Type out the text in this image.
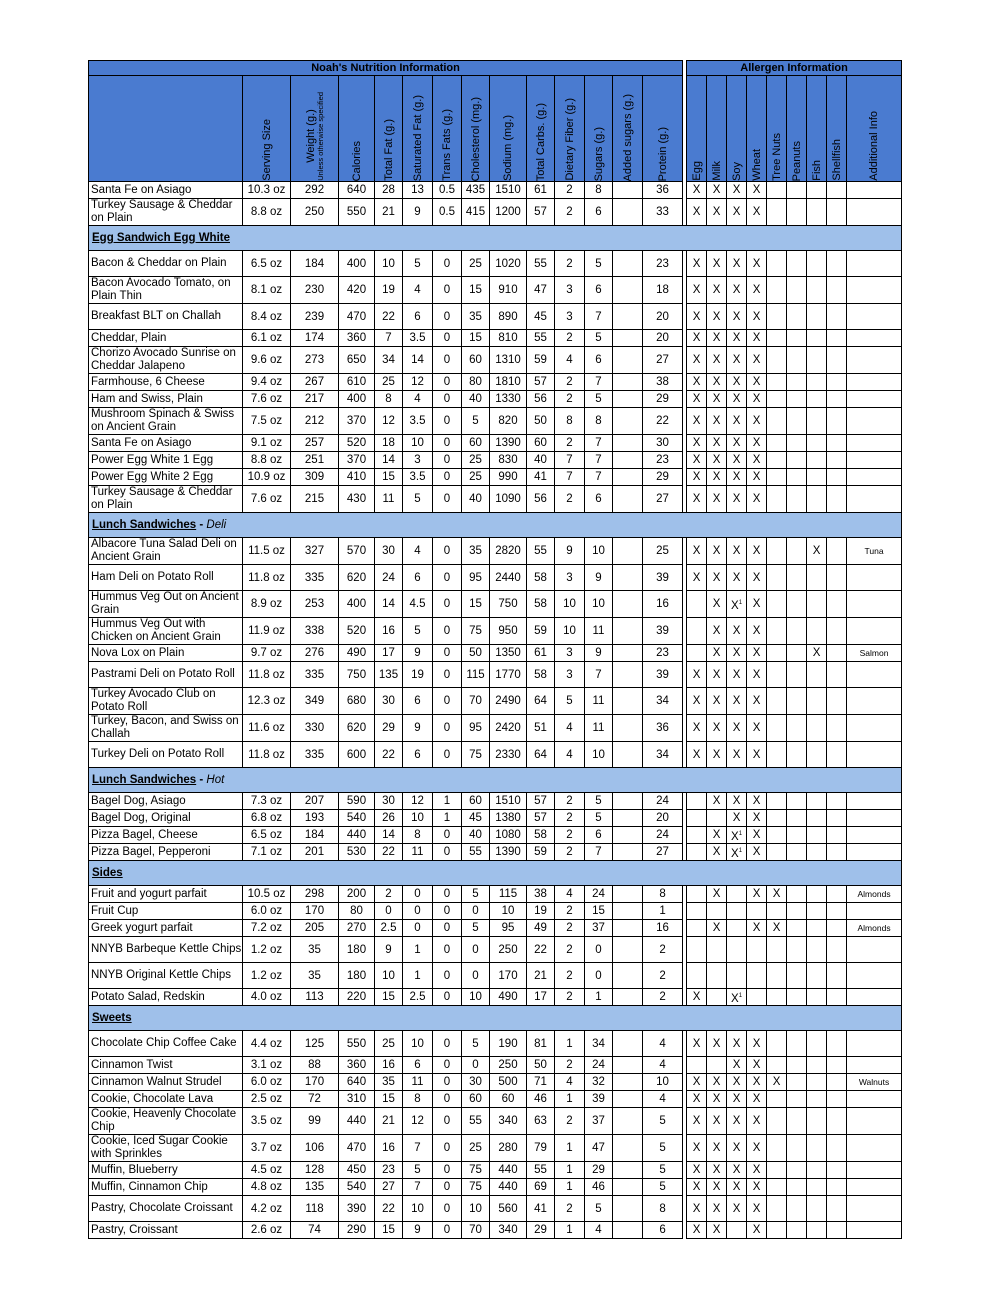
Noah's Nutrition Information															Allergen Information								

	Serving Size	Weight (g.) Unless otherwise specified	Calories	Total Fat (g.)	Saturated Fat (g.)	Trans Fats (g.)	Cholesterol (mg.)	Sodium (mg.)	Total Carbs. (g.)	Dietary Fiber (g.)	Sugars (g.)	Added sugars (g.)	Protein (g.)		Egg	Milk	Soy	Wheat	Tree Nuts	Peanuts	Fish	Shellfish	Additional Info

Santa Fe on Asiago	10.3 oz	292	640	28	13	0.5	435	1510	61	2	8		36		X	X	X	X					
Turkey Sausage & Cheddar on Plain	8.8 oz	250	550	21	9	0.5	415	1200	57	2	6		33		X	X	X	X					
Egg Sandwich Egg White																							
Bacon & Cheddar on Plain	6.5 oz	184	400	10	5	0	25	1020	55	2	5		23		X	X	X	X					
Bacon Avocado Tomato, on Plain Thin	8.1 oz	230	420	19	4	0	15	910	47	3	6		18		X	X	X	X					
Breakfast BLT on Challah	8.4 oz	239	470	22	6	0	35	890	45	3	7		20		X	X	X	X					
Cheddar, Plain	6.1 oz	174	360	7	3.5	0	15	810	55	2	5		20		X	X	X	X					
Chorizo Avocado Sunrise on Cheddar Jalapeno	9.6 oz	273	650	34	14	0	60	1310	59	4	6		27		X	X	X	X					
Farmhouse, 6 Cheese	9.4 oz	267	610	25	12	0	80	1810	57	2	7		38		X	X	X	X					
Ham and Swiss, Plain	7.6 oz	217	400	8	4	0	40	1330	56	2	5		29		X	X	X	X					
Mushroom Spinach & Swiss on Ancient Grain	7.5 oz	212	370	12	3.5	0	5	820	50	8	8		22		X	X	X	X					
Santa Fe on Asiago	9.1 oz	257	520	18	10	0	60	1390	60	2	7		30		X	X	X	X					
Power Egg White 1 Egg	8.8 oz	251	370	14	3	0	25	830	40	7	7		23		X	X	X	X					
Power Egg White 2 Egg	10.9 oz	309	410	15	3.5	0	25	990	41	7	7		29		X	X	X	X					
Turkey Sausage & Cheddar on Plain	7.6 oz	215	430	11	5	0	40	1090	56	2	6		27		X	X	X	X					
Lunch Sandwiches - Deli																							
Albacore Tuna Salad Deli on Ancient Grain	11.5 oz	327	570	30	4	0	35	2820	55	9	10		25		X	X	X	X			X		Tuna
Ham Deli on Potato Roll	11.8 oz	335	620	24	6	0	95	2440	58	3	9		39		X	X	X	X					
Hummus Veg Out on Ancient Grain	8.9 oz	253	400	14	4.5	0	15	750	58	10	10		16			X	$X^1$	X					
Hummus Veg Out with Chicken on Ancient Grain	11.9 oz	338	520	16	5	0	75	950	59	10	11		39			X	X	X					
Nova Lox on Plain	9.7 oz	276	490	17	9	0	50	1350	61	3	9		23			X	X	X			X		Salmon
Pastrami Deli on Potato Roll	11.8 oz	335	750	135	19	0	115	1770	58	3	7		39		X	X	X	X					
Turkey Avocado Club on Potato Roll	12.3 oz	349	680	30	6	0	70	2490	64	5	11		34		X	X	X	X					
Turkey, Bacon, and Swiss on Challah	11.6 oz	330	620	29	9	0	95	2420	51	4	11		36		X	X	X	X					
Turkey Deli on Potato Roll	11.8 oz	335	600	22	6	0	75	2330	64	4	10		34		X	X	X	X					
Lunch Sandwiches - Hot																							
Bagel Dog, Asiago	7.3 oz	207	590	30	12	1	60	1510	57	2	5		24			X	X	X					
Bagel Dog, Original	6.8 oz	193	540	26	10	1	45	1380	57	2	5		20				X	X					
Pizza Bagel, Cheese	6.5 oz	184	440	14	8	0	40	1080	58	2	6		24			X	$X^1$	X					
Pizza Bagel, Pepperoni	7.1 oz	201	530	22	11	0	55	1390	59	2	7		27			X	$X^1$	X					
Sides																							
Fruit and yogurt parfait	10.5 oz	298	200	2	0	0	5	115	38	4	24		8			X		X	X				Almonds
Fruit Cup	6.0 oz	170	80	0	0	0	0	10	19	2	15		1										
Greek yogurt parfait	7.2 oz	205	270	2.5	0	0	5	95	49	2	37		16			X		X	X				Almonds
NNYB Barbeque Kettle Chips	1.2 oz	35	180	9	1	0	0	250	22	2	0		2										
NNYB Original Kettle Chips	1.2 oz	35	180	10	1	0	0	170	21	2	0		2										
Potato Salad, Redskin	4.0 oz	113	220	15	2.5	0	10	490	17	2	1		2		X		$X^1$						
Sweets																							
Chocolate Chip Coffee Cake	4.4 oz	125	550	25	10	0	5	190	81	1	34		4		X	X	X	X					
Cinnamon Twist	3.1 oz	88	360	16	6	0	0	250	50	2	24		4				X	X					
Cinnamon Walnut Strudel	6.0 oz	170	640	35	11	0	30	500	71	4	32		10		X	X	X	X	X				Walnuts
Cookie, Chocolate Lava	2.5 oz	72	310	15	8	0	60	60	46	1	39		4		X	X	X	X					
Cookie, Heavenly Chocolate Chip	3.5 oz	99	440	21	12	0	55	340	63	2	37		5		X	X	X	X					
Cookie, Iced Sugar Cookie with Sprinkles	3.7 oz	106	470	16	7	0	25	280	79	1	47		5		X	X	X	X					
Muffin, Blueberry	4.5 oz	128	450	23	5	0	75	440	55	1	29		5		X	X	X	X					
Muffin, Cinnamon Chip	4.8 oz	135	540	27	7	0	75	440	69	1	46		5		X	X	X	X					
Pastry, Chocolate Croissant	4.2 oz	118	390	22	10	0	10	560	41	2	5		8		X	X	X	X					
Pastry, Croissant	2.6 oz	74	290	15	9	0	70	340	29	1	4		6		X	X		X					
